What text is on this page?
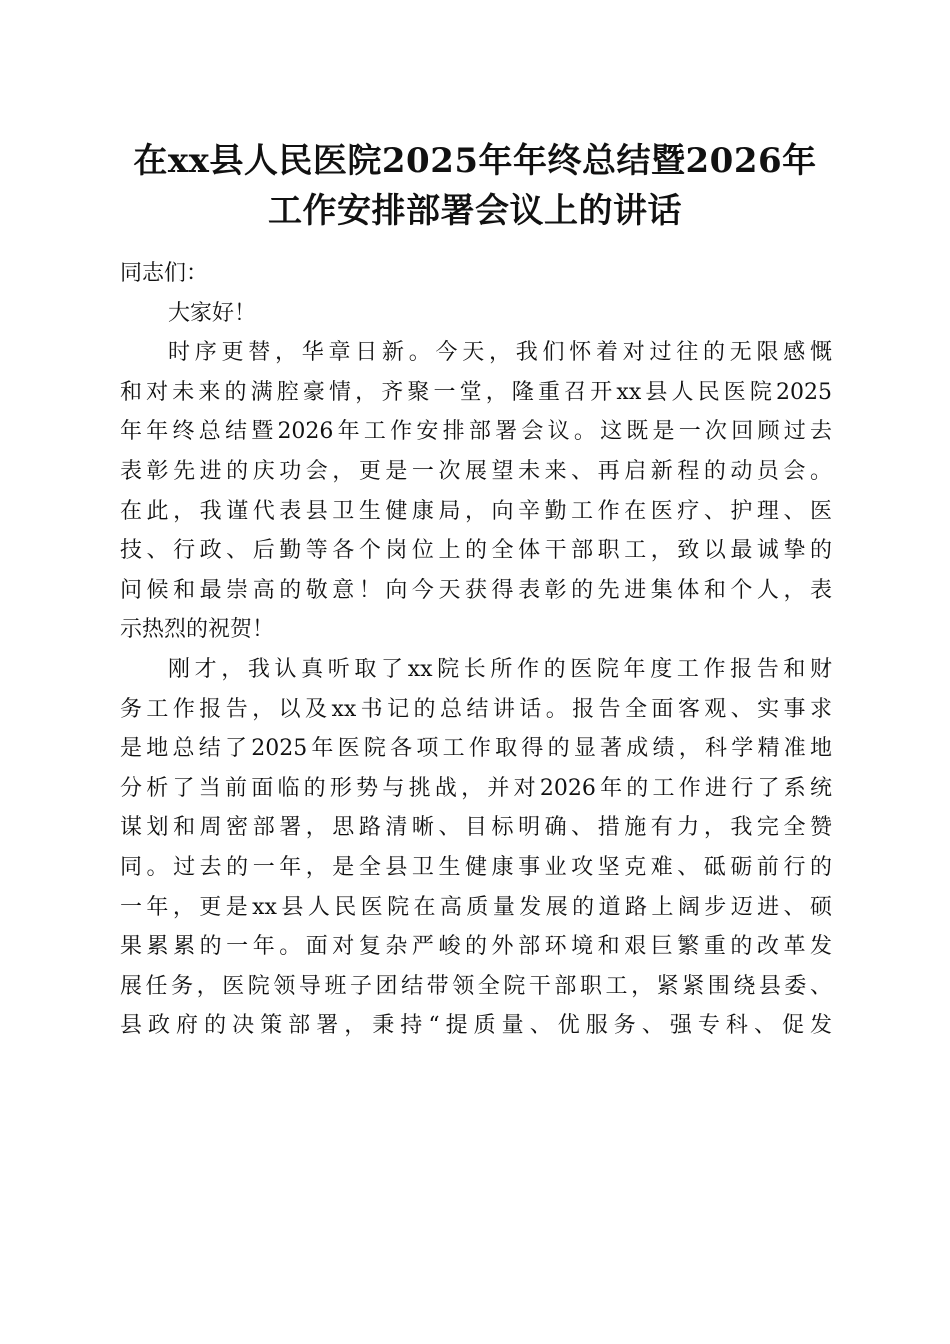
在xx县人民医院2025年年终总结暨2026年
工作安排部署会议上的讲话
同志们：
大家好！
时序更替，华章日新。今天，我们怀着对过往的无限感慨
和对未来的满腔豪情，齐聚一堂，隆重召开xx县人民医院2025
年年终总结暨2026年工作安排部署会议。这既是一次回顾过去
表彰先进的庆功会，更是一次展望未来、再启新程的动员会。
在此，我谨代表县卫生健康局，向辛勤工作在医疗、护理、医
技、行政、后勤等各个岗位上的全体干部职工，致以最诚挚的
问候和最崇高的敬意！向今天获得表彰的先进集体和个人，表
示热烈的祝贺！
刚才，我认真听取了xx院长所作的医院年度工作报告和财
务工作报告，以及xx书记的总结讲话。报告全面客观、实事求
是地总结了2025年医院各项工作取得的显著成绩，科学精准地
分析了当前面临的形势与挑战，并对2026年的工作进行了系统
谋划和周密部署，思路清晰、目标明确、措施有力，我完全赞
同。过去的一年，是全县卫生健康事业攻坚克难、砥砺前行的
一年，更是xx县人民医院在高质量发展的道路上阔步迈进、硕
果累累的一年。面对复杂严峻的外部环境和艰巨繁重的改革发
展任务，医院领导班子团结带领全院干部职工，紧紧围绕县委、
县政府的决策部署，秉持“提质量、优服务、强专科、促发
